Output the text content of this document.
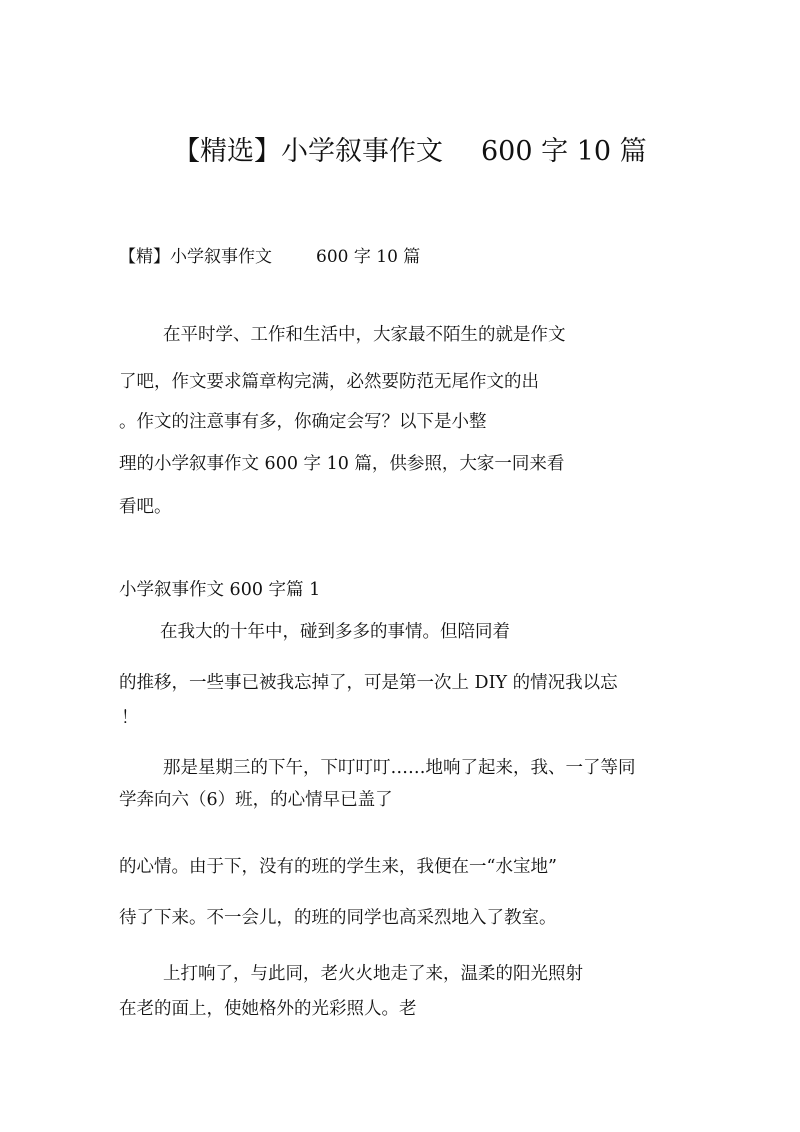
【精选】小学叙事作文 600 字 10 篇
【精】小学叙事作文	600 字 10 篇
在平时学、工作和生活中，大家最不陌生的就是作文
了吧，作文要求篇章构完满，必然要防范无尾作文的出
。作文的注意事有多，你确定会写？以下是小整
理的小学叙事作文 600 字 10 篇，供参照，大家一同来看
看吧。
小学叙事作文 600 字篇 1
在我大的十年中，碰到多多的事情。但陪同着
的推移，一些事已被我忘掉了，可是第一次上 DIY 的情况我以忘
！
那是星期三的下午，下叮叮叮……地响了起来，我、一了等同
学奔向六（6）班，的心情早已盖了
的心情。由于下，没有的班的学生来，我便在一“水宝地”
待了下来。不一会儿，的班的同学也高采烈地入了教室。
上打响了，与此同，老火火地走了来，温柔的阳光照射
在老的面上，使她格外的光彩照人。老
